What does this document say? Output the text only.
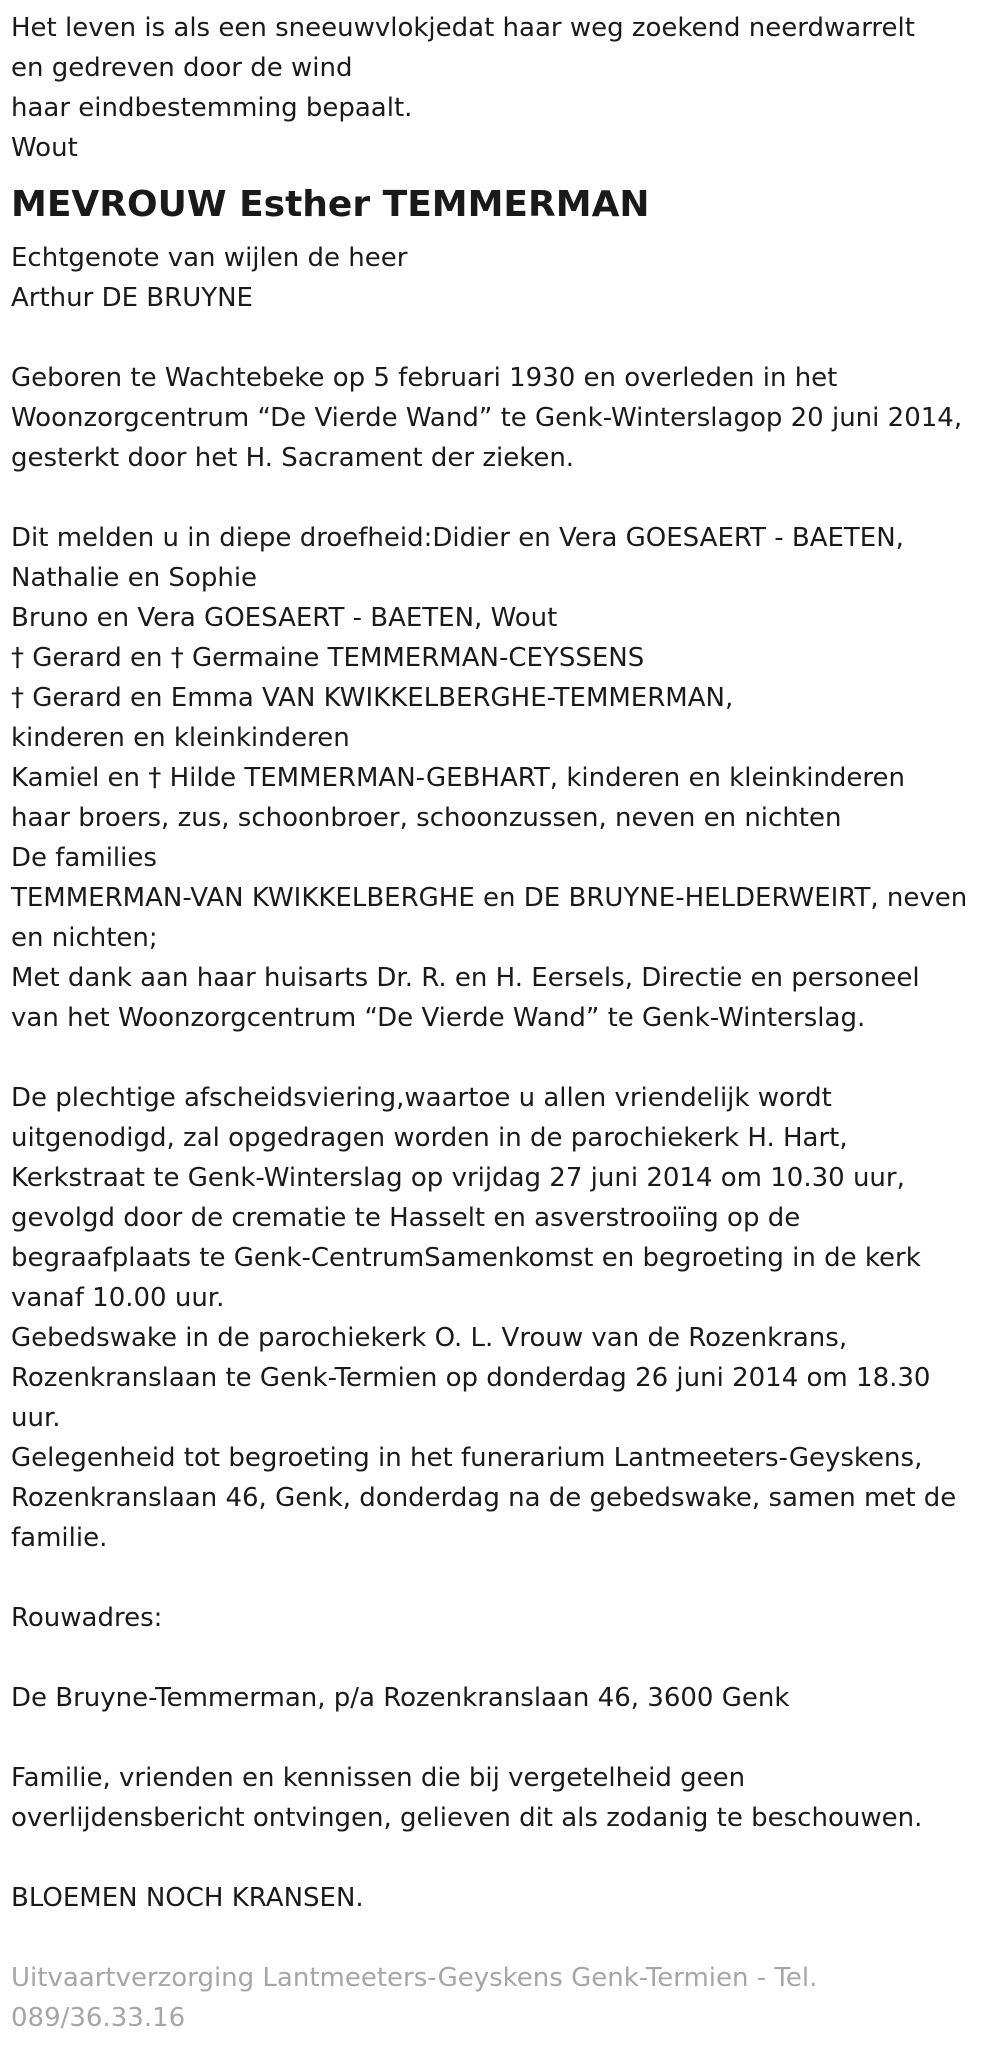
Het leven is als een sneeuwvlokjedat haar weg zoekend neerdwarrelt
en gedreven door de wind
haar eindbestemming bepaalt.
Wout
MEVROUW Esther TEMMERMAN
Echtgenote van wijlen de heer
Arthur DE BRUYNE
Geboren te Wachtebeke op 5 februari 1930 en overleden in het
Woonzorgcentrum “De Vierde Wand” te Genk-Winterslagop 20 juni 2014,
gesterkt door het H. Sacrament der zieken.
Dit melden u in diepe droefheid:Didier en Vera GOESAERT - BAETEN,
Nathalie en Sophie
Bruno en Vera GOESAERT - BAETEN, Wout
† Gerard en † Germaine TEMMERMAN-CEYSSENS
† Gerard en Emma VAN KWIKKELBERGHE-TEMMERMAN,
kinderen en kleinkinderen
Kamiel en † Hilde TEMMERMAN-GEBHART, kinderen en kleinkinderen
haar broers, zus, schoonbroer, schoonzussen, neven en nichten
De families
TEMMERMAN-VAN KWIKKELBERGHE en DE BRUYNE-HELDERWEIRT, neven
en nichten;
Met dank aan haar huisarts Dr. R. en H. Eersels, Directie en personeel
van het Woonzorgcentrum “De Vierde Wand” te Genk-Winterslag.
De plechtige afscheidsviering,waartoe u allen vriendelijk wordt
uitgenodigd, zal opgedragen worden in de parochiekerk H. Hart,
Kerkstraat te Genk-Winterslag op vrijdag 27 juni 2014 om 10.30 uur,
gevolgd door de crematie te Hasselt en asverstrooiïng op de
begraafplaats te Genk-CentrumSamenkomst en begroeting in de kerk
vanaf 10.00 uur.
Gebedswake in de parochiekerk O. L. Vrouw van de Rozenkrans,
Rozenkranslaan te Genk-Termien op donderdag 26 juni 2014 om 18.30
uur.
Gelegenheid tot begroeting in het funerarium Lantmeeters-Geyskens,
Rozenkranslaan 46, Genk, donderdag na de gebedswake, samen met de
familie.
Rouwadres:
De Bruyne-Temmerman, p/a Rozenkranslaan 46, 3600 Genk
Familie, vrienden en kennissen die bij vergetelheid geen
overlijdensbericht ontvingen, gelieven dit als zodanig te beschouwen.
BLOEMEN NOCH KRANSEN.
Uitvaartverzorging Lantmeeters-Geyskens Genk-Termien - Tel.
089/36.33.16
